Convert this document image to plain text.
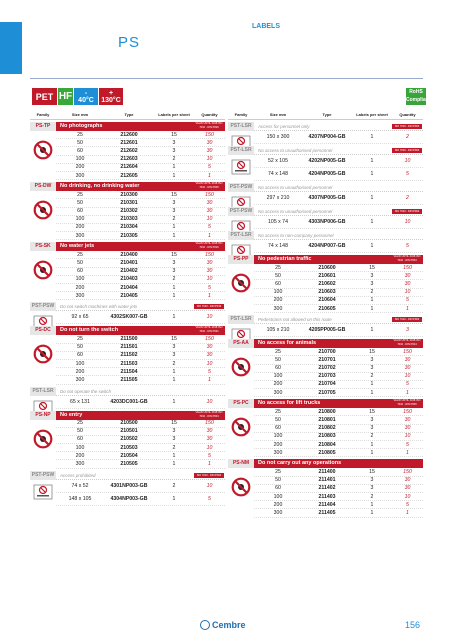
PS
LABELS
PET HF -
40°C
+
130°C
RoHS Compliant
Family	Size mm	Type	Labels per sheet	Quantity
PS-TP	No photographs	VALID UNTIL 2018 ISO 7010 - DIN P029
25	212600	15	150
50	212601	3	30
60	212602	3	30
100	212603	2	10
200	212604	1	5
300	212605	1	1
PS-DW	No drinking, no drinking water	VALID UNTIL 2018 ISO 7010 - DIN P005
25	210300	15	150
50	210301	3	30
60	210302	3	30
100	210303	2	10
200	210304	1	5
300	210305	1	1
PS-SK	No water jets	VALID UNTIL 2018 ISO 7010 - DIN P016
25	210400	15	150
50	210401	3	30
60	210402	3	30
100	210403	2	10
200	210404	1	5
300	210405	1	1
PST-PSW	Do not switch machines with water jets	ISO 7010 - DIN P016
92 x 65	4302SK007-GB	1	10
PS-DC	Do not turn the switch	VALID UNTIL 2018 ISO 7010 - DIN P031
25	211500	15	150
50	211501	3	30
60	211502	3	30
100	211503	2	10
200	211504	1	5
300	211505	1	1
PST-LSR	Do not operate the switch
65 x 131	4203DC001-GB	1	10
PS-NP	No entry	VALID UNTIL 2018 ISO 7010 - DIN P004
25	210500	15	150
50	210501	3	30
60	210502	3	30
100	210503	2	10
200	210504	1	5
300	210505	1	1
PST-PSW	Access prohibited	ISO 7010 - DIN P004
74 x 52	4301NP003-GB	2	10
148 x 105	4304NP003-GB	1	5
Family	Size mm	Type	Labels per sheet	Quantity
PST-LSR	Access for personnel only	ISO 7010 - DIN P004
150 x 300	4207NP004-GB	1	2
PST-LSR	No access to unauthorised personnel	ISO 7010 - DIN P004
52 x 105	4202NP005-GB	1	10
74 x 148	4204NP005-GB	1	5
PST-PSW	No access to unauthorised personnel
297 x 210	4307NP005-GB	1	2
PST-PSW	No access to unauthorised personnel	ISO 7010 - DIN P004
105 x 74	4303NP006-GB	1	10
PST-LSR	No access to non-company personnel
74 x 148	4204NP007-GB	1	5
PS-PP	No pedestrian traffic	VALID UNTIL 2018 ISO 7010 - DIN P004
25	210600	15	150
50	210601	3	30
60	210602	3	30
100	210603	2	10
200	210604	1	5
300	210605	1	1
PST-LSR	Pedestrians not allowed on this route	ISO 7010 - DIN P004
105 x 210	4205PP005-GB	1	3
PS-AA	No access for animals	VALID UNTIL 2018 ISO 7010 - DIN P014
25	210700	15	150
50	210701	3	30
60	210702	3	30
100	210703	2	10
200	210704	1	5
300	210705	1	1
PS-PC	No access for lift trucks	VALID UNTIL 2018 ISO 7010 - DIN P006
25	210800	15	150
50	210801	3	30
60	210802	3	30
100	210803	2	10
200	210804	1	5
300	210805	1	1
PS-NM	Do not carry out any operations
25	211400	15	150
50	211401	3	30
60	211402	3	30
100	211403	2	10
200	211404	1	5
300	211405	1	1
Cembre	156
